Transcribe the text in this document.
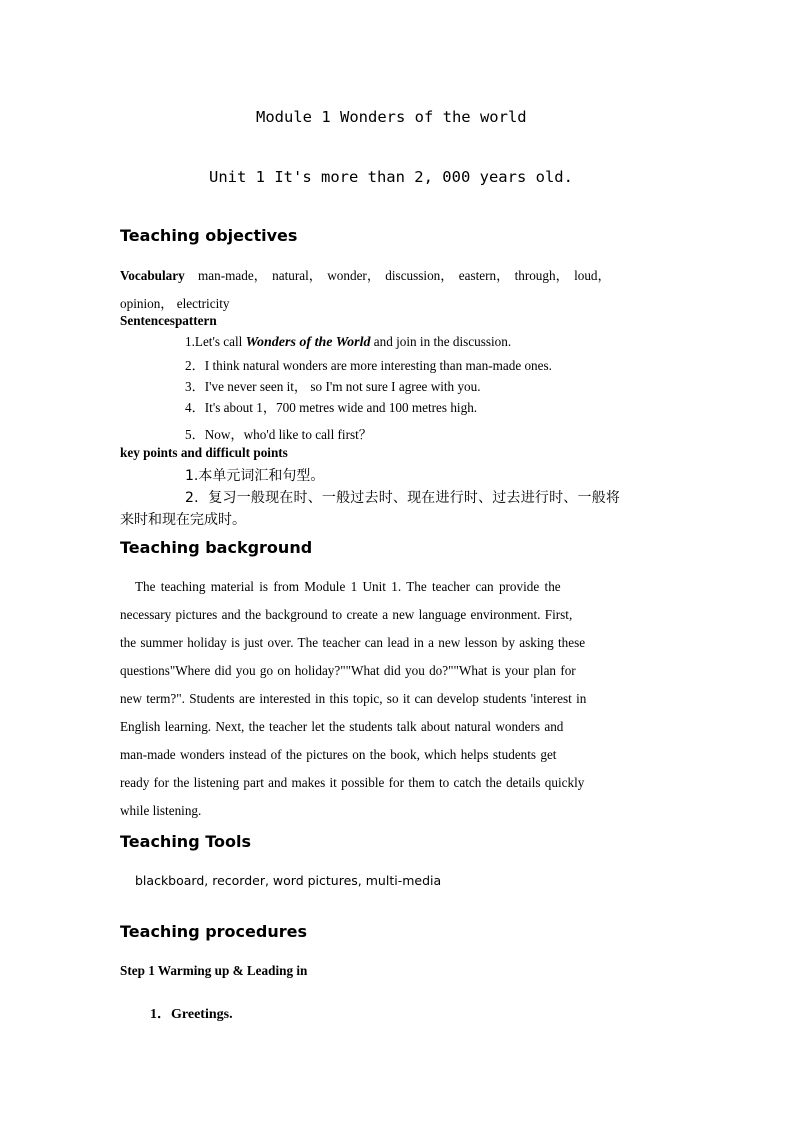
Module 1 Wonders of the world
Unit 1 It's more than 2, 000 years old.
Teaching objectives
Vocabulary man-made， natural， wonder， discussion， eastern， through， loud，
opinion， electricity
Sentencespattern
1.Let's call Wonders of the World and join in the discussion.
2．I think natural wonders are more interesting than man-made ones.
3．I've never seen it， so I'm not sure I agree with you.
4．It's about 1，700 metres wide and 100 metres high.
5．Now，who'd like to call first？
key points and difficult points
1.本单元词汇和句型。
2．复习一般现在时、一般过去时、现在进行时、过去进行时、一般将
来时和现在完成时。
Teaching background
The teaching material is from Module 1 Unit 1. The teacher can provide the
necessary pictures and the background to create a new language environment. First,
the summer holiday is just over. The teacher can lead in a new lesson by asking these
questions"Where did you go on holiday?""What did you do?""What is your plan for
new term?". Students are interested in this topic, so it can develop students 'interest in
English learning. Next, the teacher let the students talk about natural wonders and
man-made wonders instead of the pictures on the book, which helps students get
ready for the listening part and makes it possible for them to catch the details quickly
while listening.
Teaching Tools
blackboard, recorder, word pictures, multi-media
Teaching procedures
Step 1 Warming up & Leading in
1．Greetings.
